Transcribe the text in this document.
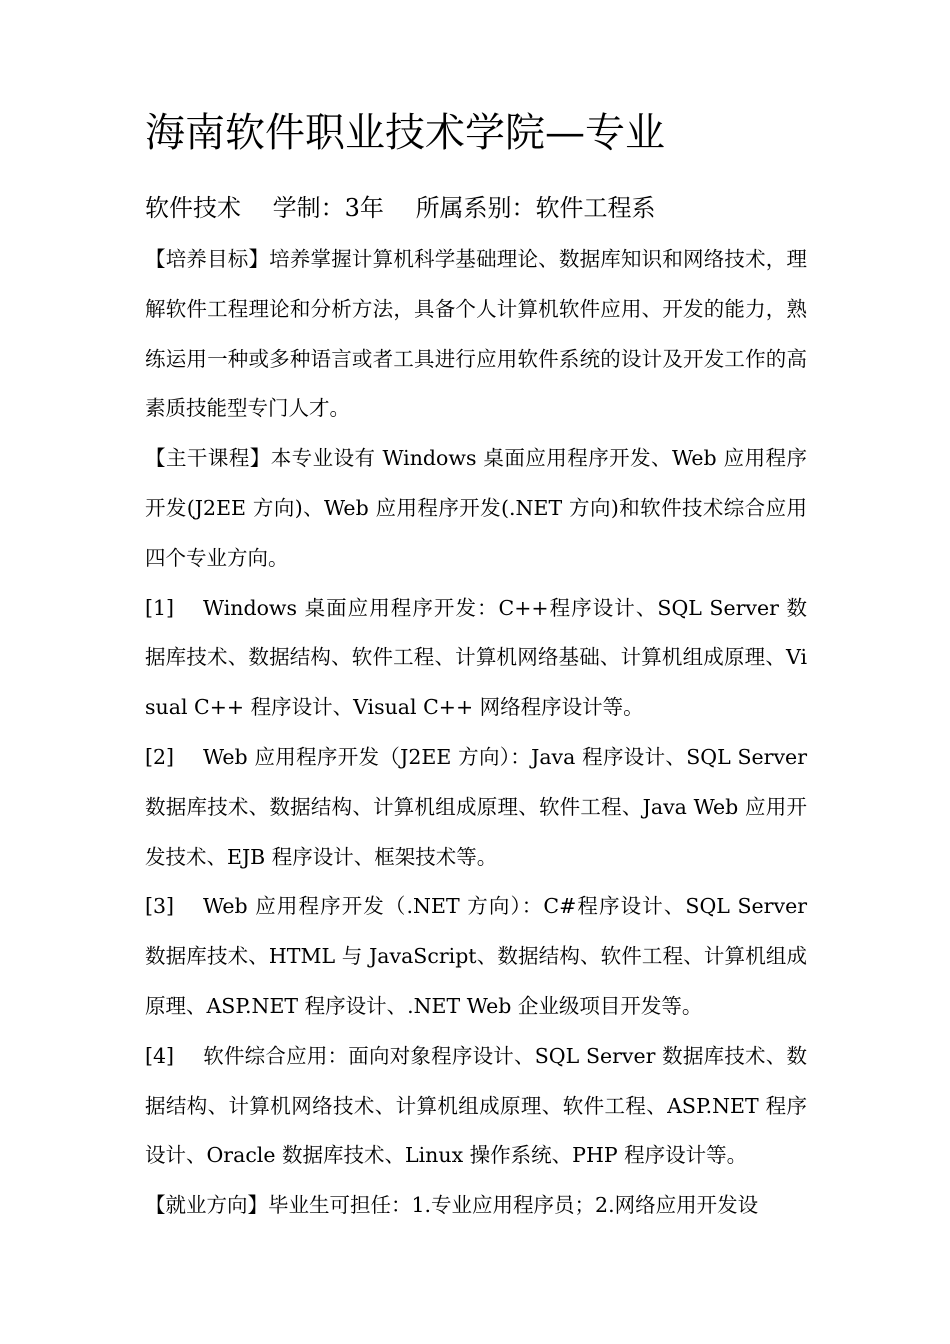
海南软件职业技术学院—专业
软件技术 学制：3年 所属系别：软件工程系

【培养目标】培养掌握计算机科学基础理论、数据库知识和网络技术，理解软件工程理论和分析方法，具备个人计算机软件应用、开发的能力，熟练运用一种或多种语言或者工具进行应用软件系统的设计及开发工作的高素质技能型专门人才。

【主干课程】本专业设有 Windows 桌面应用程序开发、Web 应用程序开发(J2EE 方向)、Web 应用程序开发(.NET 方向)和软件技术综合应用四个专业方向。

[1] Windows 桌面应用程序开发：C++程序设计、SQL Server 数据库技术、数据结构、软件工程、计算机网络基础、计算机组成原理、Visual C++ 程序设计、Visual C++ 网络程序设计等。

[2] Web 应用程序开发（J2EE 方向）：Java 程序设计、SQL Server 数据库技术、数据结构、计算机组成原理、软件工程、Java Web 应用开发技术、EJB 程序设计、框架技术等。

[3] Web 应用程序开发（.NET 方向）：C#程序设计、SQL Server 数据库技术、HTML 与 JavaScript、数据结构、软件工程、计算机组成原理、ASP.NET 程序设计、.NET Web 企业级项目开发等。

[4] 软件综合应用：面向对象程序设计、SQL Server 数据库技术、数据结构、计算机网络技术、计算机组成原理、软件工程、ASP.NET 程序设计、Oracle 数据库技术、Linux 操作系统、PHP 程序设计等。

【就业方向】毕业生可担任：1.专业应用程序员；2.网络应用开发设
